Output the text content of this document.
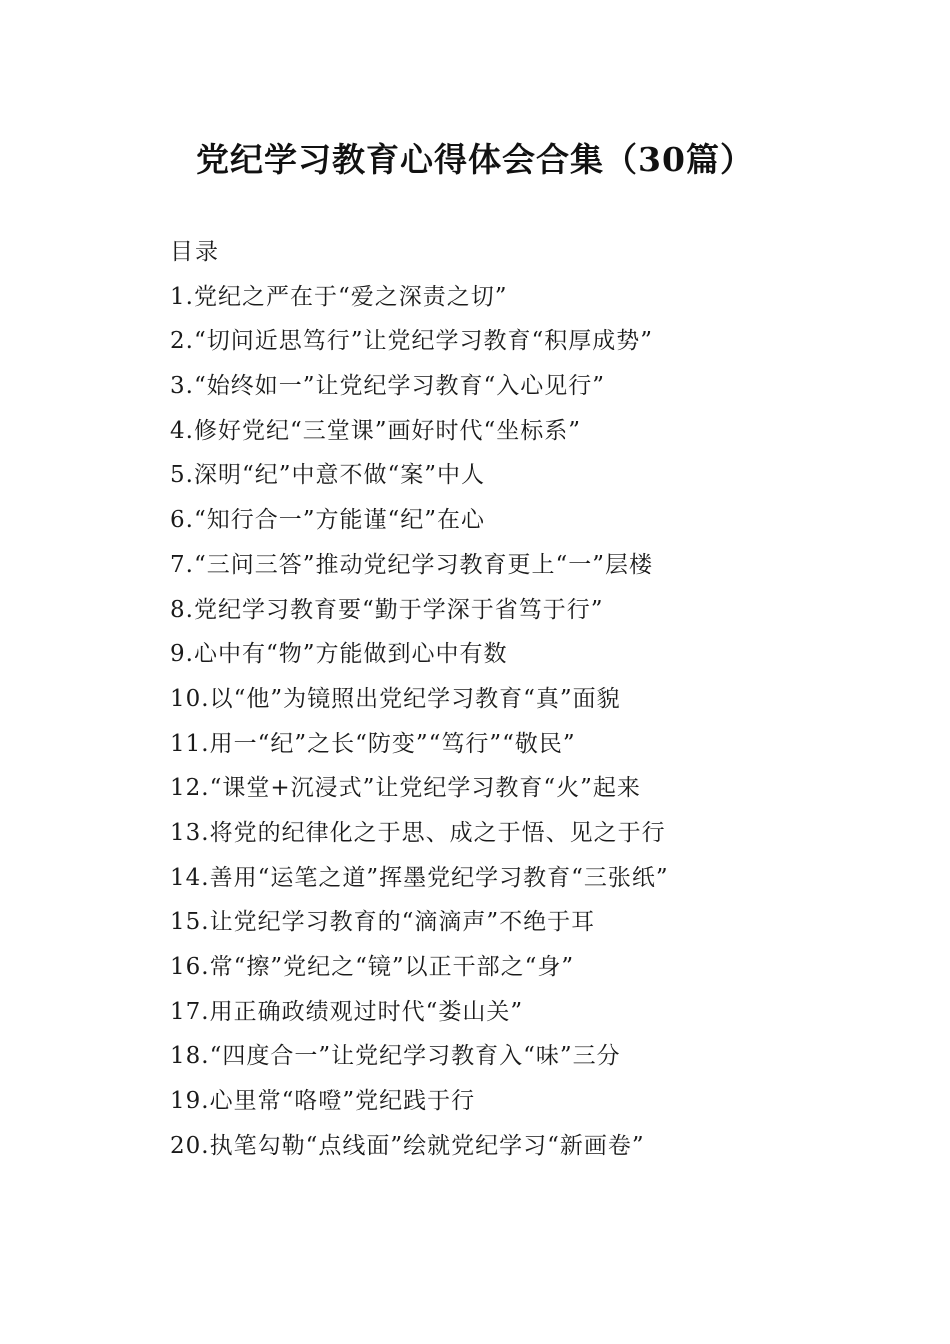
党纪学习教育心得体会合集（30篇）
目录
1.党纪之严在于“爱之深责之切”
2.“切问近思笃行”让党纪学习教育“积厚成势”
3.“始终如一”让党纪学习教育“入心见行”
4.修好党纪“三堂课”画好时代“坐标系”
5.深明“纪”中意不做“案”中人
6.“知行合一”方能谨“纪”在心
7.“三问三答”推动党纪学习教育更上“一”层楼
8.党纪学习教育要“勤于学深于省笃于行”
9.心中有“物”方能做到心中有数
10.以“他”为镜照出党纪学习教育“真”面貌
11.用一“纪”之长“防变”“笃行”“敬民”
12.“课堂+沉浸式”让党纪学习教育“火”起来
13.将党的纪律化之于思、成之于悟、见之于行
14.善用“运笔之道”挥墨党纪学习教育“三张纸”
15.让党纪学习教育的“滴滴声”不绝于耳
16.常“擦”党纪之“镜”以正干部之“身”
17.用正确政绩观过时代“娄山关”
18.“四度合一”让党纪学习教育入“味”三分
19.心里常“咯噔”党纪践于行
20.执笔勾勒“点线面”绘就党纪学习“新画卷”
